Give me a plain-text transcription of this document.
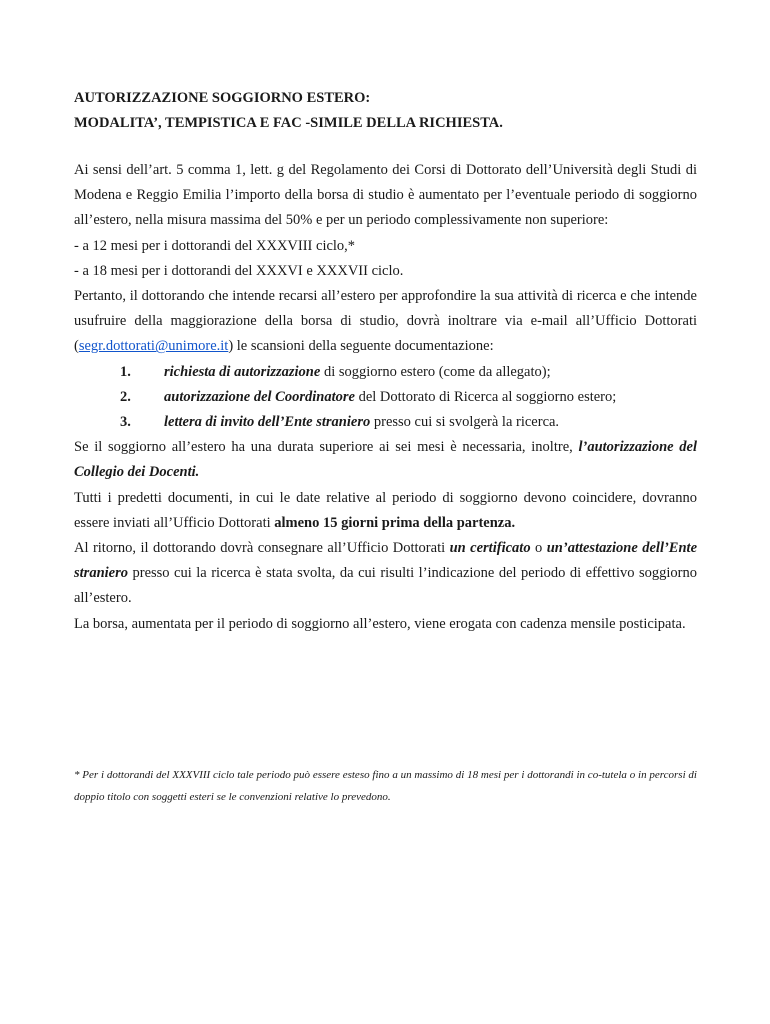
AUTORIZZAZIONE SOGGIORNO ESTERO:
MODALITA’, TEMPISTICA E FAC -SIMILE DELLA RICHIESTA.

Ai sensi dell’art. 5 comma 1, lett. g del Regolamento dei Corsi di Dottorato dell’Università degli Studi di Modena e Reggio Emilia l’importo della borsa di studio è aumentato per l’eventuale periodo di soggiorno all’estero, nella misura massima del 50% e per un periodo complessivamente non superiore:

- a 12 mesi per i dottorandi del XXXVIII ciclo,*

- a 18 mesi per i dottorandi del XXXVI e XXXVII ciclo.

Pertanto, il dottorando che intende recarsi all’estero per approfondire la sua attività di ricerca e che intende usufruire della maggiorazione della borsa di studio, dovrà inoltrare via e-mail all’Ufficio Dottorati (segr.dottorati@unimore.it) le scansioni della seguente documentazione:

1.	richiesta di autorizzazione di soggiorno estero (come da allegato);
2.	autorizzazione del Coordinatore del Dottorato di Ricerca al soggiorno estero;
3.	lettera di invito dell’Ente straniero presso cui si svolgerà la ricerca.

Se il soggiorno all’estero ha una durata superiore ai sei mesi è necessaria, inoltre, l’autorizzazione del Collegio dei Docenti.

Tutti i predetti documenti, in cui le date relative al periodo di soggiorno devono coincidere, dovranno essere inviati all’Ufficio Dottorati almeno 15 giorni prima della partenza.

Al ritorno, il dottorando dovrà consegnare all’Ufficio Dottorati un certificato o un’attestazione dell’Ente straniero presso cui la ricerca è stata svolta, da cui risulti l’indicazione del periodo di effettivo soggiorno all’estero.

La borsa, aumentata per il periodo di soggiorno all’estero, viene erogata con cadenza mensile posticipata.

* Per i dottorandi del XXXVIII ciclo tale periodo può essere esteso fino a un massimo di 18 mesi per i dottorandi in co-tutela o in percorsi di doppio titolo con soggetti esteri se le convenzioni relative lo prevedono.
